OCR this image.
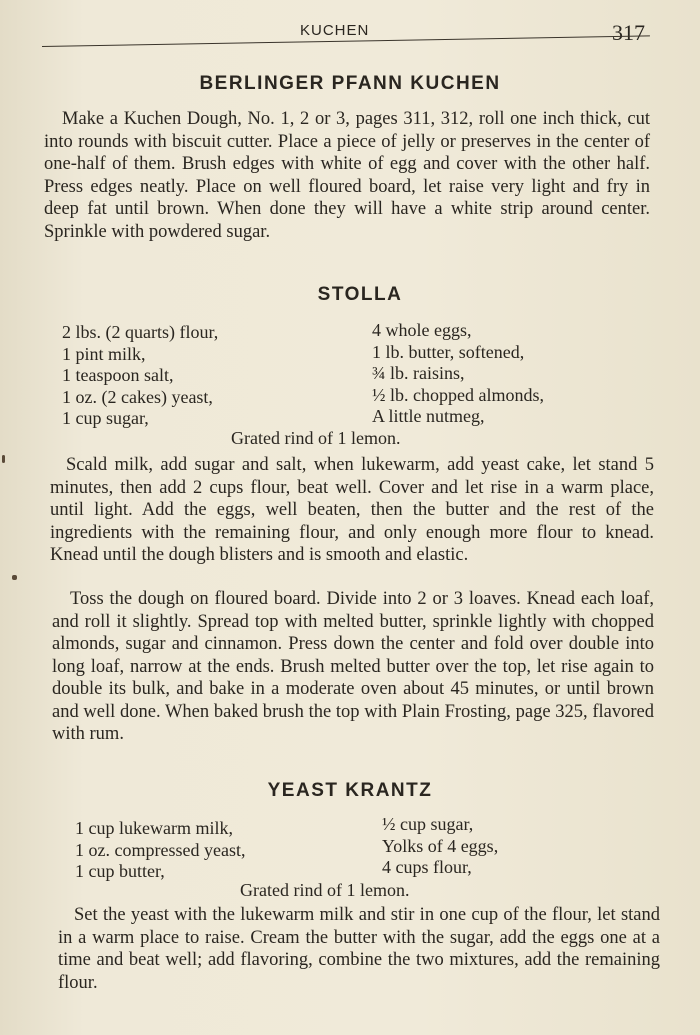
KUCHEN	317
BERLINGER PFANN KUCHEN

Make a Kuchen Dough, No. 1, 2 or 3, pages 311, 312, roll one inch thick, cut into rounds with biscuit cutter. Place a piece of jelly or preserves in the center of one-half of them. Brush edges with white of egg and cover with the other half. Press edges neatly. Place on well floured board, let raise very light and fry in deep fat until brown. When done they will have a white strip around center. Sprinkle with powdered sugar.

STOLLA
2 lbs. (2 quarts) flour,
1 pint milk,
1 teaspoon salt,
1 oz. (2 cakes) yeast,
1 cup sugar,
4 whole eggs,
1 lb. butter, softened,
¾ lb. raisins,
½ lb. chopped almonds,
A little nutmeg,
Grated rind of 1 lemon.

Scald milk, add sugar and salt, when lukewarm, add yeast cake, let stand 5 minutes, then add 2 cups flour, beat well. Cover and let rise in a warm place, until light. Add the eggs, well beaten, then the butter and the rest of the ingredients with the remaining flour, and only enough more flour to knead. Knead until the dough blisters and is smooth and elastic.

Toss the dough on floured board. Divide into 2 or 3 loaves. Knead each loaf, and roll it slightly. Spread top with melted butter, sprinkle lightly with chopped almonds, sugar and cinnamon. Press down the center and fold over double into long loaf, narrow at the ends. Brush melted butter over the top, let rise again to double its bulk, and bake in a moderate oven about 45 minutes, or until brown and well done. When baked brush the top with Plain Frosting, page 325, flavored with rum.

YEAST KRANTZ
1 cup lukewarm milk,
1 oz. compressed yeast,
1 cup butter,
½ cup sugar,
Yolks of 4 eggs,
4 cups flour,
Grated rind of 1 lemon.

Set the yeast with the lukewarm milk and stir in one cup of the flour, let stand in a warm place to raise. Cream the butter with the sugar, add the eggs one at a time and beat well; add flavoring, combine the two mixtures, add the remaining flour.
